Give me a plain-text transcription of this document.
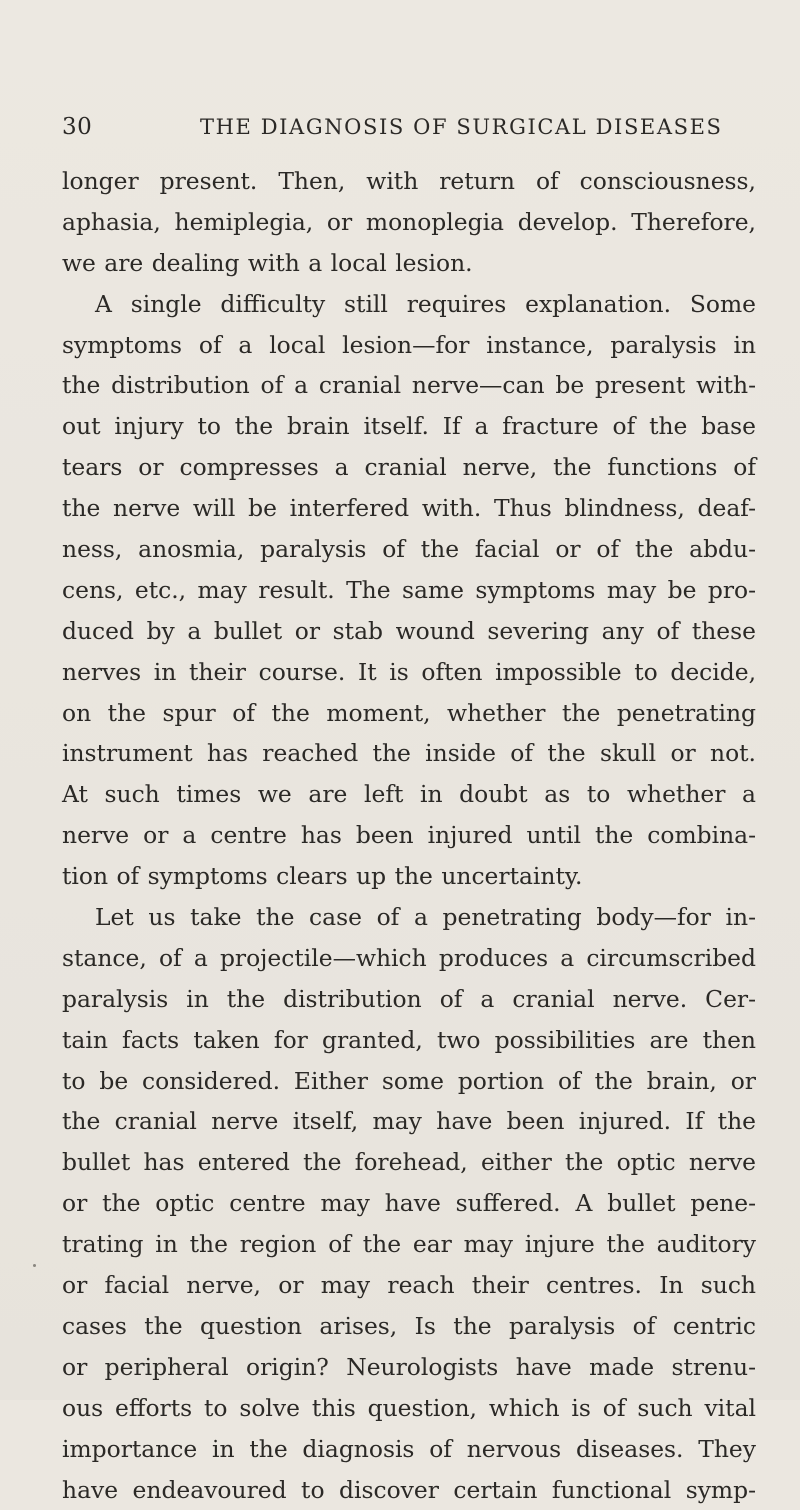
30	THE DIAGNOSIS OF SURGICAL DISEASES
longer present. Then, with return of consciousness,
aphasia, hemiplegia, or monoplegia develop. Therefore,
we are dealing with a local lesion.
A single difficulty still requires explanation. Some
symptoms of a local lesion—for instance, paralysis in
the distribution of a cranial nerve—can be present with-
out injury to the brain itself. If a fracture of the base
tears or compresses a cranial nerve, the functions of
the nerve will be interfered with. Thus blindness, deaf-
ness, anosmia, paralysis of the facial or of the abdu-
cens, etc., may result. The same symptoms may be pro-
duced by a bullet or stab wound severing any of these
nerves in their course. It is often impossible to decide,
on the spur of the moment, whether the penetrating
instrument has reached the inside of the skull or not.
At such times we are left in doubt as to whether a
nerve or a centre has been injured until the combina-
tion of symptoms clears up the uncertainty.
Let us take the case of a penetrating body—for in-
stance, of a projectile—which produces a circumscribed
paralysis in the distribution of a cranial nerve. Cer-
tain facts taken for granted, two possibilities are then
to be considered. Either some portion of the brain, or
the cranial nerve itself, may have been injured. If the
bullet has entered the forehead, either the optic nerve
or the optic centre may have suffered. A bullet pene-
trating in the region of the ear may injure the auditory
or facial nerve, or may reach their centres. In such
cases the question arises, Is the paralysis of centric
or peripheral origin? Neurologists have made strenu-
ous efforts to solve this question, which is of such vital
importance in the diagnosis of nervous diseases. They
have endeavoured to discover certain functional symp-
